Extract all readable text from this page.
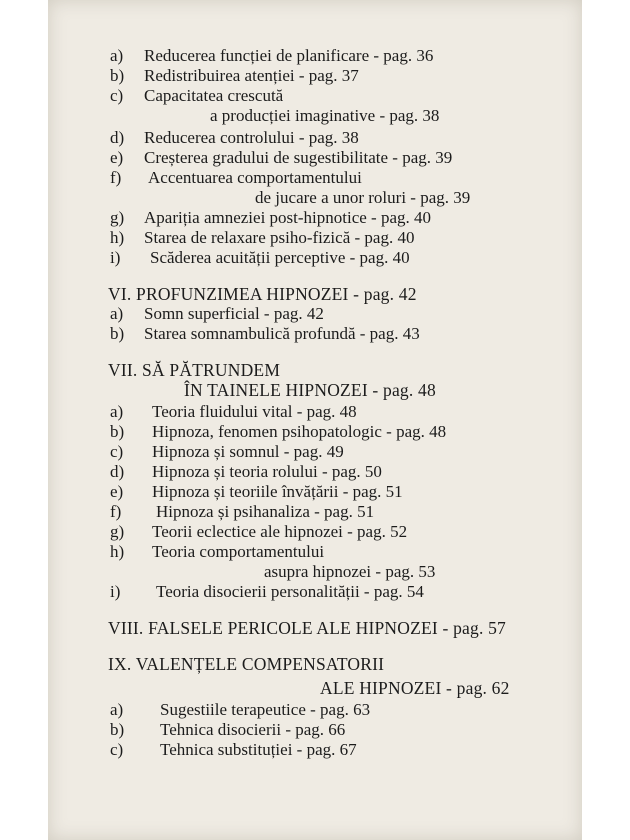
a) Reducerea funcției de planificare - pag. 36
b) Redistribuirea atenției - pag. 37
c) Capacitatea crescută
a producției imaginative - pag. 38
d) Reducerea controlului - pag. 38
e) Creșterea gradului de sugestibilitate - pag. 39
f) Accentuarea comportamentului
de jucare a unor roluri - pag. 39
g) Apariția amneziei post-hipnotice - pag. 40
h) Starea de relaxare psiho-fizică - pag. 40
i) Scăderea acuității perceptive - pag. 40
VI. PROFUNZIMEA HIPNOZEI - pag. 42
a) Somn superficial - pag. 42
b) Starea somnambulică profundă - pag. 43
VII. SĂ PĂTRUNDEM
ÎN TAINELE HIPNOZEI - pag. 48
a) Teoria fluidului vital - pag. 48
b) Hipnoza, fenomen psihopatologic - pag. 48
c) Hipnoza și somnul - pag. 49
d) Hipnoza și teoria rolului - pag. 50
e) Hipnoza și teoriile învățării - pag. 51
f) Hipnoza și psihanaliza - pag. 51
g) Teorii eclectice ale hipnozei - pag. 52
h) Teoria comportamentului
asupra hipnozei - pag. 53
i) Teoria disocierii personalității - pag. 54
VIII. FALSELE PERICOLE ALE HIPNOZEI - pag. 57
IX. VALENȚELE COMPENSATORII
ALE HIPNOZEI - pag. 62
a) Sugestiile terapeutice - pag. 63
b) Tehnica disocierii - pag. 66
c) Tehnica substituției - pag. 67
